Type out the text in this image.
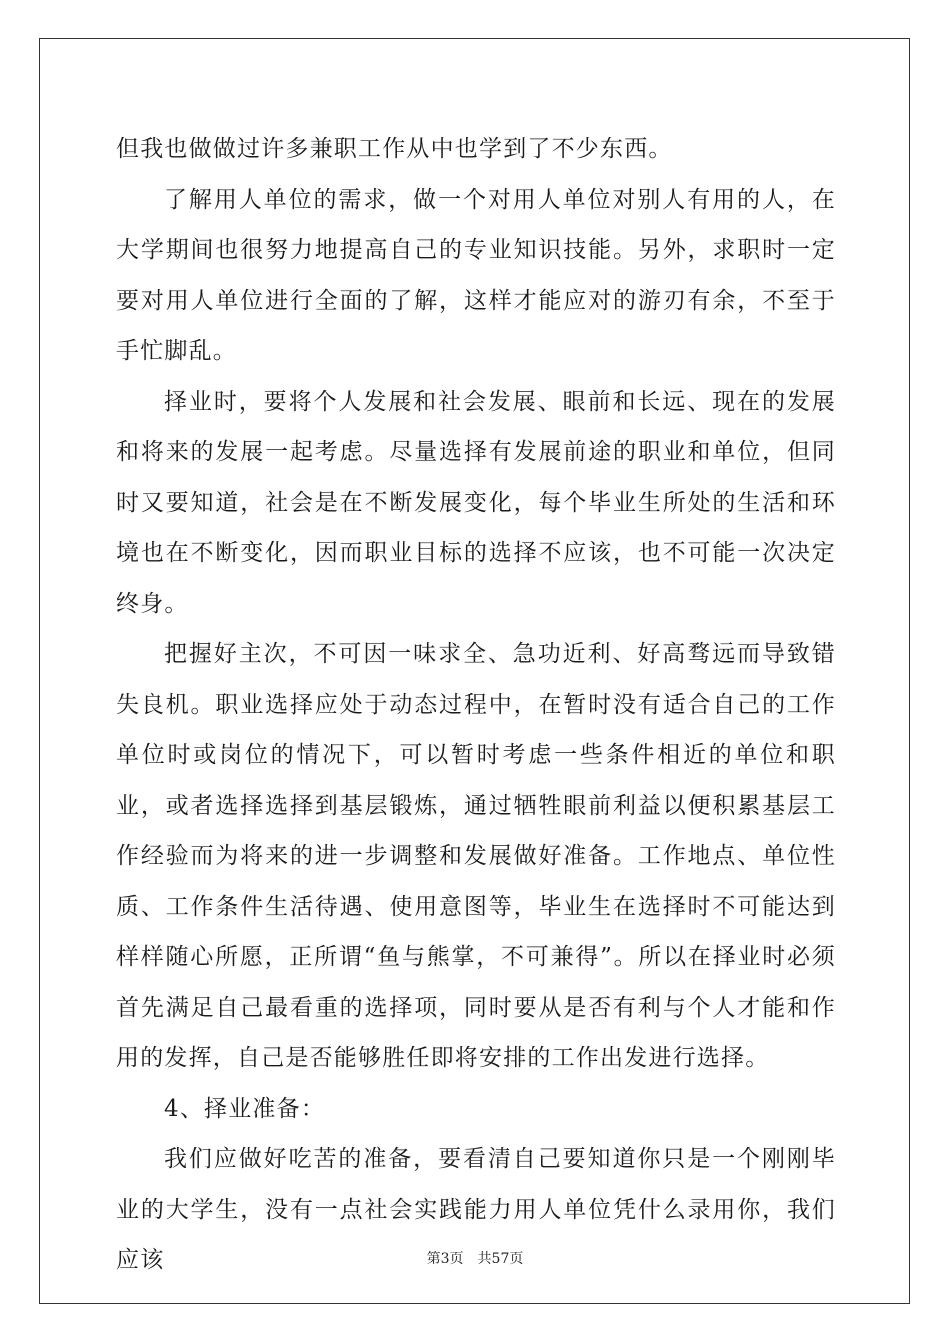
但我也做做过许多兼职工作从中也学到了不少东西。

了解用人单位的需求，做一个对用人单位对别人有用的人，在大学期间也很努力地提高自己的专业知识技能。另外，求职时一定要对用人单位进行全面的了解，这样才能应对的游刃有余，不至于手忙脚乱。

择业时，要将个人发展和社会发展、眼前和长远、现在的发展和将来的发展一起考虑。尽量选择有发展前途的职业和单位，但同时又要知道，社会是在不断发展变化，每个毕业生所处的生活和环境也在不断变化，因而职业目标的选择不应该，也不可能一次决定终身。

把握好主次，不可因一味求全、急功近利、好高骛远而导致错失良机。职业选择应处于动态过程中，在暂时没有适合自己的工作单位时或岗位的情况下，可以暂时考虑一些条件相近的单位和职业，或者选择选择到基层锻炼，通过牺牲眼前利益以便积累基层工作经验而为将来的进一步调整和发展做好准备。工作地点、单位性质、工作条件生活待遇、使用意图等，毕业生在选择时不可能达到样样随心所愿，正所谓“鱼与熊掌，不可兼得”。所以在择业时必须首先满足自己最看重的选择项，同时要从是否有利与个人才能和作用的发挥，自己是否能够胜任即将安排的工作出发进行选择。

4、择业准备：

我们应做好吃苦的准备，要看清自己要知道你只是一个刚刚毕业的大学生，没有一点社会实践能力用人单位凭什么录用你，我们应该	第3页 共57页
